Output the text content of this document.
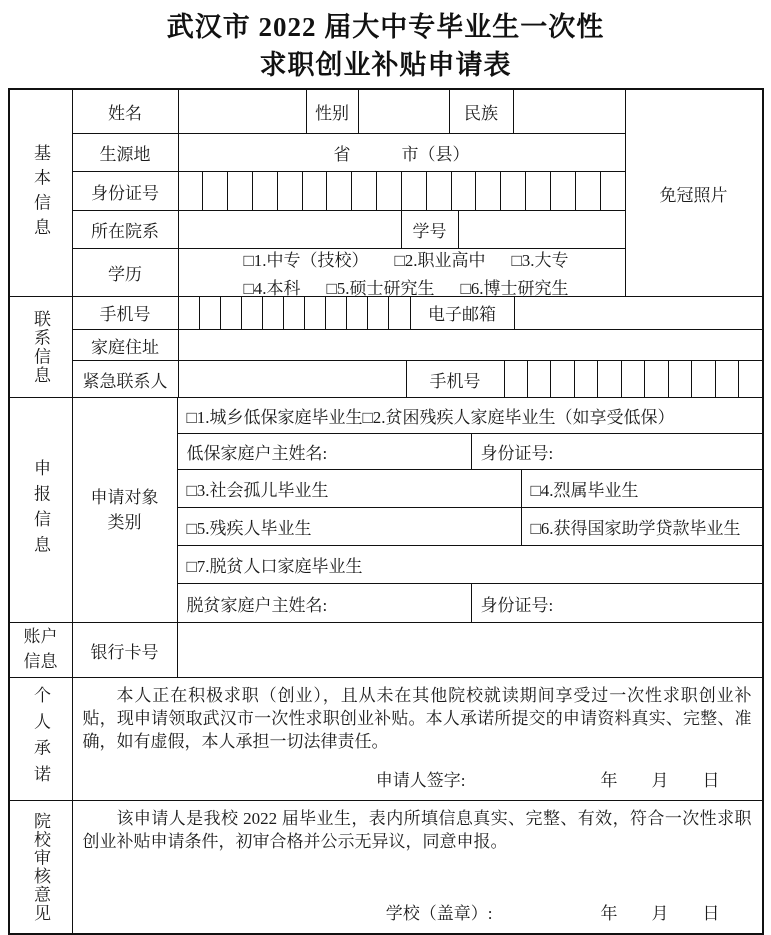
武汉市 2022 届大中专毕业生一次性
求职创业补贴申请表
基本信息
姓名	性别	民族
生源地	省　　　市（县）
身份证号
所在院系	学号
学历
□1.中专（技校） □2.职业高中 □3.大专
□4.本科 □5.硕士研究生 □6.博士研究生
免冠照片
联系信息	手机号	电子邮箱
家庭住址
紧急联系人	手机号
申报信息	申请对象类别
□1.城乡低保家庭毕业生 □2.贫困残疾人家庭毕业生（如享受低保）
低保家庭户主姓名:	身份证号:
□3.社会孤儿毕业生	□4.烈属毕业生
□5.残疾人毕业生	□6.获得国家助学贷款毕业生
□7.脱贫人口家庭毕业生
脱贫家庭户主姓名:	身份证号:
账户信息	银行卡号
个人承诺	本人正在积极求职（创业），且从未在其他院校就读期间享受过一次性求职创业补贴，现申请领取武汉市一次性求职创业补贴。本人承诺所提交的申请资料真实、完整、准确，如有虚假，本人承担一切法律责任。
申请人签字:	年　　月　　日
院校审核意见	该申请人是我校 2022 届毕业生，表内所填信息真实、完整、有效，符合一次性求职创业补贴申请条件，初审合格并公示无异议，同意申报。
学校（盖章）:	年　　月　　日
